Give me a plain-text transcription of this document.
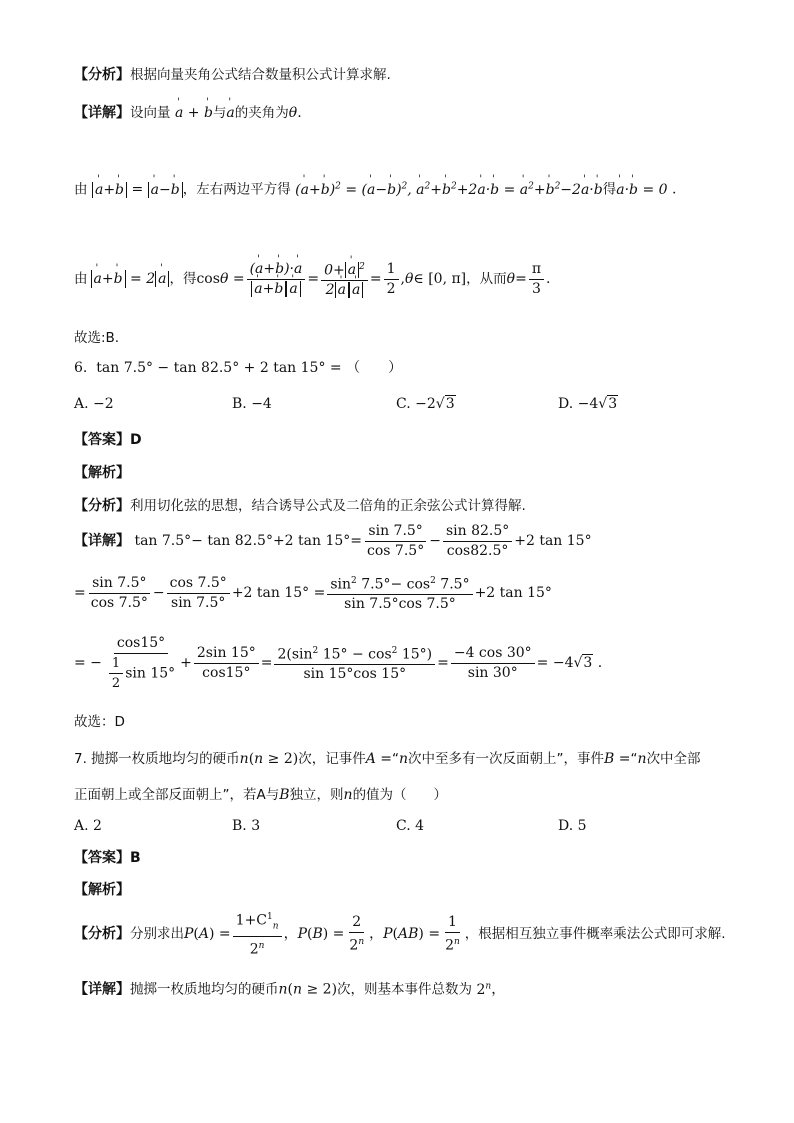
【分析】根据向量夹角公式结合数量积公式计算求解.
【详解】设向量 ' a + ' b与' a的夹角为θ.
由 ' a+' b = ' a−' b ，左右两边平方得 (' a+' b)$^2$ = (' a−' b)$^2$, ' $a^2+'$ $b^2+2'$ a·' b = ' $a^2+'$ $b^2-2'$ a·' b得' a·' b = 0 .
由 ' a+' b = 2 ' a ，得 cosθ = (' a+' b)·' a
' a+' b ' $a = \frac{0+ ' a ^2}{2 ' a ' a} = \frac{1}{2}$ , θ ∈ [0, π] ，从而 $\theta = \frac{\pi}{3}$ .
故选:B.
6. tan 7.5° − tan 82.5° + 2 tan 15° = （　　）
A. −2	B. −4	C. −2√3	D. −4√3
【答案】D
【解析】
【分析】利用切化弦的思想，结合诱导公式及二倍角的正余弦公式计算得解.
【详解】 tan 7.5°− tan 82.5°+2 $\tan 15^\circ= \frac{\sin 7.5^\circ}{\cos 7.5^\circ} - \frac{\sin 82.5^\circ}{\cos 82.5^\circ} +2$ tan 15°
= $\frac{\sin 7.5^\circ}{\cos 7.5^\circ} - \frac{\cos 7.5^\circ}{\sin 7.5^\circ} +2$ $\tan 15^\circ = \frac{\sin^2 7.5^\circ- \cos^2 7.5^\circ}{\sin 7.5^\circ\cos 7.5^\circ} +2$ tan 15°
= − $\frac{\cos 15^\circ}{\frac{1}{2} \sin 15^\circ} + \frac{2\sin 15^\circ}{\cos 15^\circ} = \frac{2(\sin^2 15^\circ - \cos^2 15^\circ)}{\sin 15^\circ\cos 15^\circ} = \frac{-4 \cos 30^\circ}{\sin 30^\circ} = -4√3$ .
故选：D
7. 抛掷一枚质地均匀的硬币n(n ≥ 2)次，记事件A =“n次中至多有一次反面朝上”，事件B =“n次中全部
正面朝上或全部反面朝上”，若A与B独立，则n的值为（　　）
A. 2	B. 3	C. 4	D. 5
【答案】B
【解析】
【分析】 分别求出 P $(A) = \frac{1+C^1_n}{2^n}$ ， P $(B) = \frac{2}{2^n}$ ， P $(AB) = \frac{1}{2^n}$ ，根据相互独立事件概率乘法公式即可求解.
【详解】抛掷一枚质地均匀的硬币n(n ≥ 2)次，则基本事件总数为 2$^n$，
